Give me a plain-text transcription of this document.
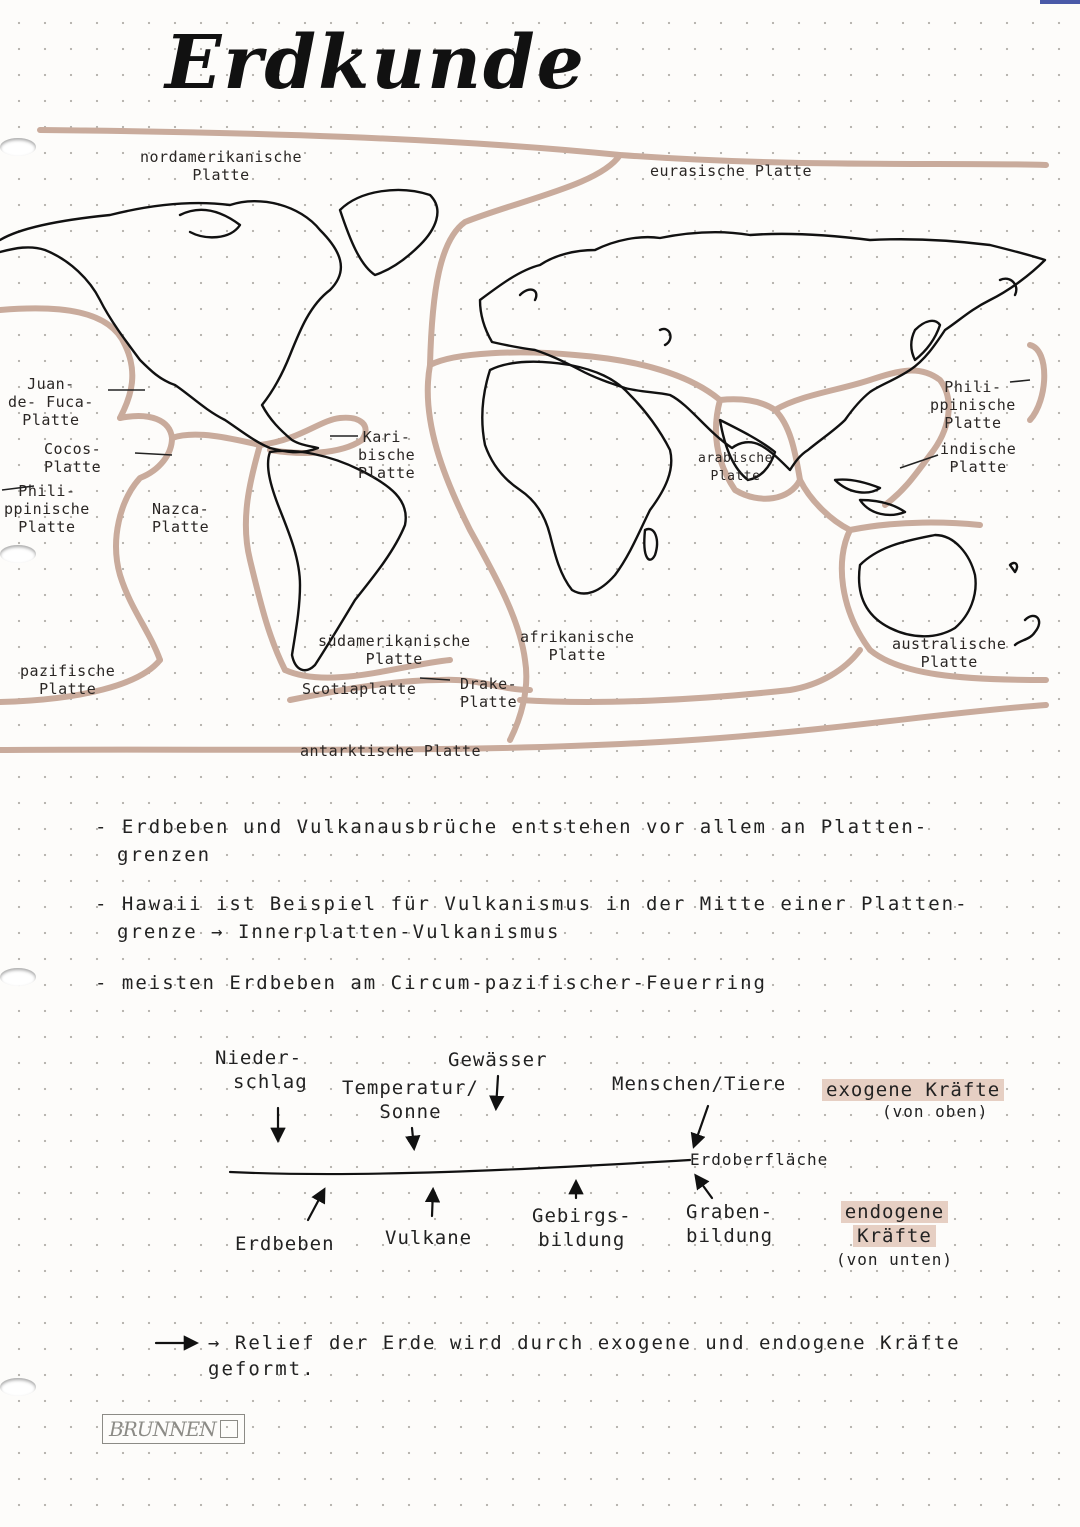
Erdkunde
nordamerikanische
Platte	eurasische Platte
Juan-
de- Fuca-
Platte
Cocos-
Platte
Phili-
ppinische
Platte
Nazca-
Platte
Kari-
bische
Platte
arabische
Platte
Phili-
ppinische
Platte
indische
Platte
südamerikanische
Platte
afrikanische
Platte
australische
Platte
pazifische
Platte	Scotiaplatte	Drake-
Platte
antarktische Platte
- Erdbeben und Vulkanausbrüche entstehen vor allem an Platten-
grenzen
- Hawaii ist Beispiel für Vulkanismus in der Mitte einer Platten-
grenze → Innerplatten-Vulkanismus
- meisten Erdbeben am Circum-pazifischer-Feuerring
Nieder-
schlag Temperatur/
Sonne
Gewässer
Menschen/Tiere exogene Kräfte
(von oben)
Erdoberfläche
Erdbeben	Vulkane
Gebirgs-
bildung
Graben-
bildung
endogene
Kräfte
(von unten)
→ Relief der Erde wird durch exogene und endogene Kräfte
geformt.
BRUNNEN
